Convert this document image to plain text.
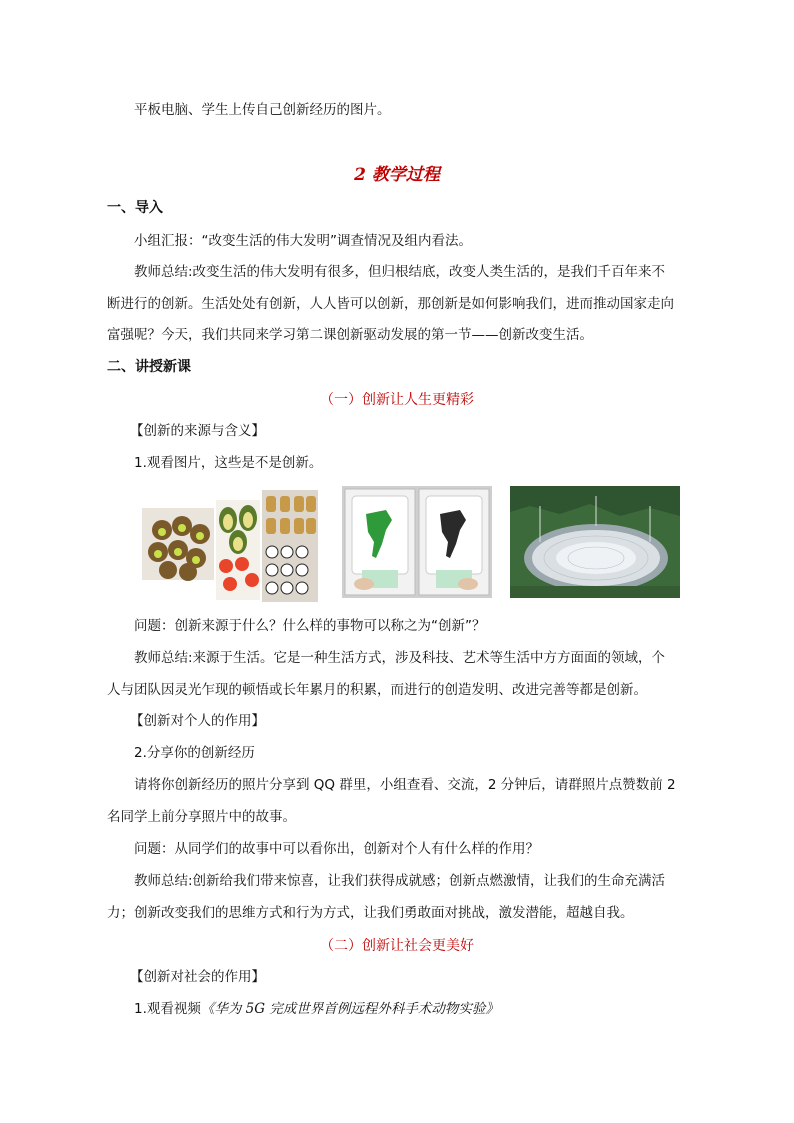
平板电脑、学生上传自己创新经历的图片。
2 教学过程
一、导入
小组汇报：“改变生活的伟大发明”调查情况及组内看法。
教师总结:改变生活的伟大发明有很多，但归根结底，改变人类生活的，是我们千百年来不
断进行的创新。生活处处有创新，人人皆可以创新，那创新是如何影响我们，进而推动国家走向
富强呢？今天，我们共同来学习第二课创新驱动发展的第一节——创新改变生活。
二、讲授新课
（一）创新让人生更精彩
【创新的来源与含义】
1.观看图片，这些是不是创新。
问题：创新来源于什么？什么样的事物可以称之为“创新”？
教师总结:来源于生活。它是一种生活方式，涉及科技、艺术等生活中方方面面的领域，个
人与团队因灵光乍现的顿悟或长年累月的积累，而进行的创造发明、改进完善等都是创新。
【创新对个人的作用】
2.分享你的创新经历
请将你创新经历的照片分享到 QQ 群里，小组查看、交流，2 分钟后，请群照片点赞数前 2
名同学上前分享照片中的故事。
问题：从同学们的故事中可以看你出，创新对个人有什么样的作用？
教师总结:创新给我们带来惊喜，让我们获得成就感；创新点燃激情，让我们的生命充满活
力；创新改变我们的思维方式和行为方式，让我们勇敢面对挑战，激发潜能，超越自我。
（二）创新让社会更美好
【创新对社会的作用】
1.观看视频《华为 5G 完成世界首例远程外科手术动物实验》
